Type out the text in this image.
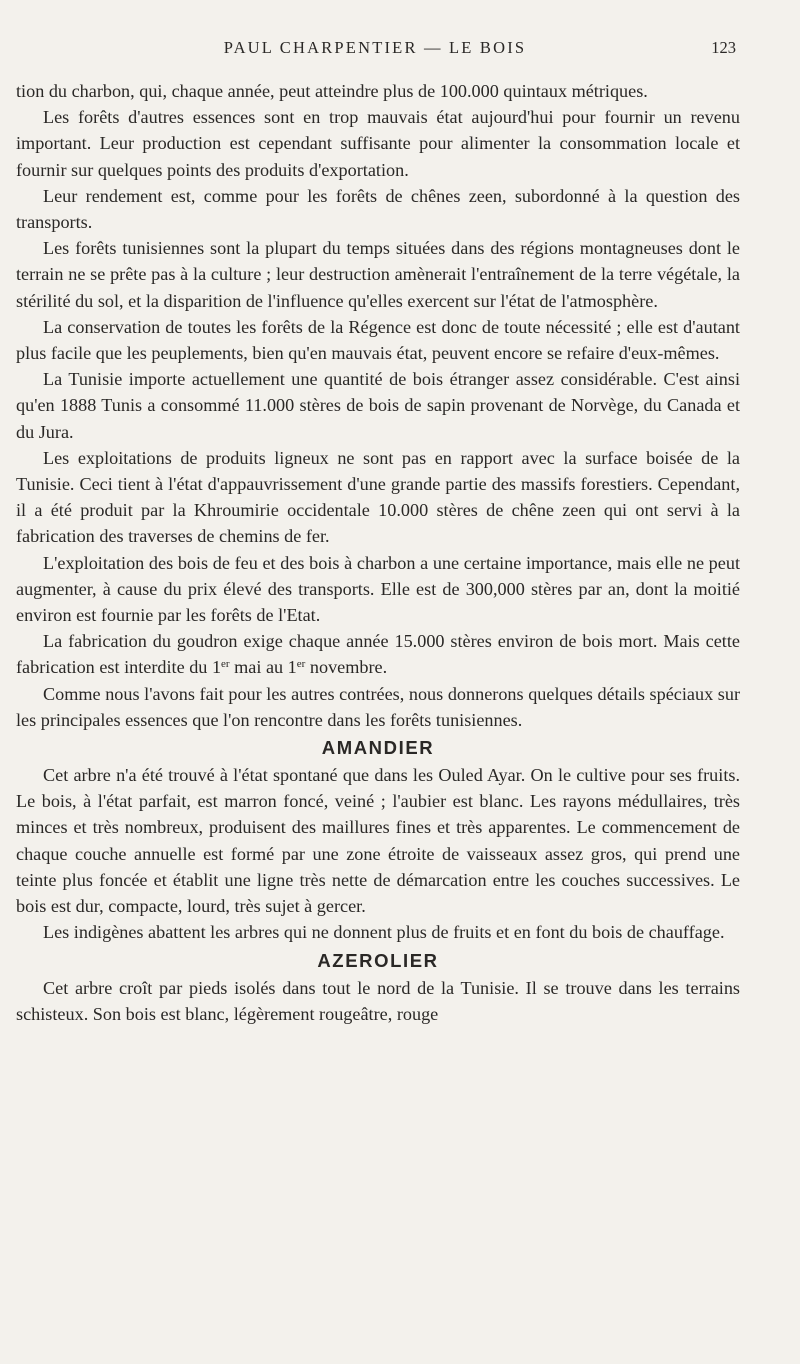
PAUL CHARPENTIER — LE BOIS	123

tion du charbon, qui, chaque année, peut atteindre plus de 100.000 quintaux métriques.

Les forêts d'autres essences sont en trop mauvais état aujourd'hui pour fournir un revenu important. Leur production est cependant suffisante pour alimenter la consommation locale et fournir sur quelques points des produits d'exportation.

Leur rendement est, comme pour les forêts de chênes zeen, subordonné à la question des transports.

Les forêts tunisiennes sont la plupart du temps situées dans des régions montagneuses dont le terrain ne se prête pas à la culture ; leur destruction amènerait l'entraînement de la terre végétale, la stérilité du sol, et la disparition de l'influence qu'elles exercent sur l'état de l'atmosphère.

La conservation de toutes les forêts de la Régence est donc de toute nécessité ; elle est d'autant plus facile que les peuplements, bien qu'en mauvais état, peuvent encore se refaire d'eux-mêmes.

La Tunisie importe actuellement une quantité de bois étranger assez considérable. C'est ainsi qu'en 1888 Tunis a consommé 11.000 stères de bois de sapin provenant de Norvège, du Canada et du Jura.

Les exploitations de produits ligneux ne sont pas en rapport avec la surface boisée de la Tunisie. Ceci tient à l'état d'appauvrissement d'une grande partie des massifs forestiers. Cependant, il a été produit par la Khroumirie occidentale 10.000 stères de chêne zeen qui ont servi à la fabrication des traverses de chemins de fer.

L'exploitation des bois de feu et des bois à charbon a une certaine importance, mais elle ne peut augmenter, à cause du prix élevé des transports. Elle est de 300,000 stères par an, dont la moitié environ est fournie par les forêts de l'Etat.

La fabrication du goudron exige chaque année 15.000 stères environ de bois mort. Mais cette fabrication est interdite du 1er mai au 1er novembre.

Comme nous l'avons fait pour les autres contrées, nous donnerons quelques détails spéciaux sur les principales essences que l'on rencontre dans les forêts tunisiennes.

AMANDIER

Cet arbre n'a été trouvé à l'état spontané que dans les Ouled Ayar. On le cultive pour ses fruits. Le bois, à l'état parfait, est marron foncé, veiné ; l'aubier est blanc. Les rayons médullaires, très minces et très nombreux, produisent des maillures fines et très apparentes. Le commencement de chaque couche annuelle est formé par une zone étroite de vaisseaux assez gros, qui prend une teinte plus foncée et établit une ligne très nette de démarcation entre les couches successives. Le bois est dur, compacte, lourd, très sujet à gercer.

Les indigènes abattent les arbres qui ne donnent plus de fruits et en font du bois de chauffage.

AZEROLIER

Cet arbre croît par pieds isolés dans tout le nord de la Tunisie. Il se trouve dans les terrains schisteux. Son bois est blanc, légèrement rougeâtre, rouge
